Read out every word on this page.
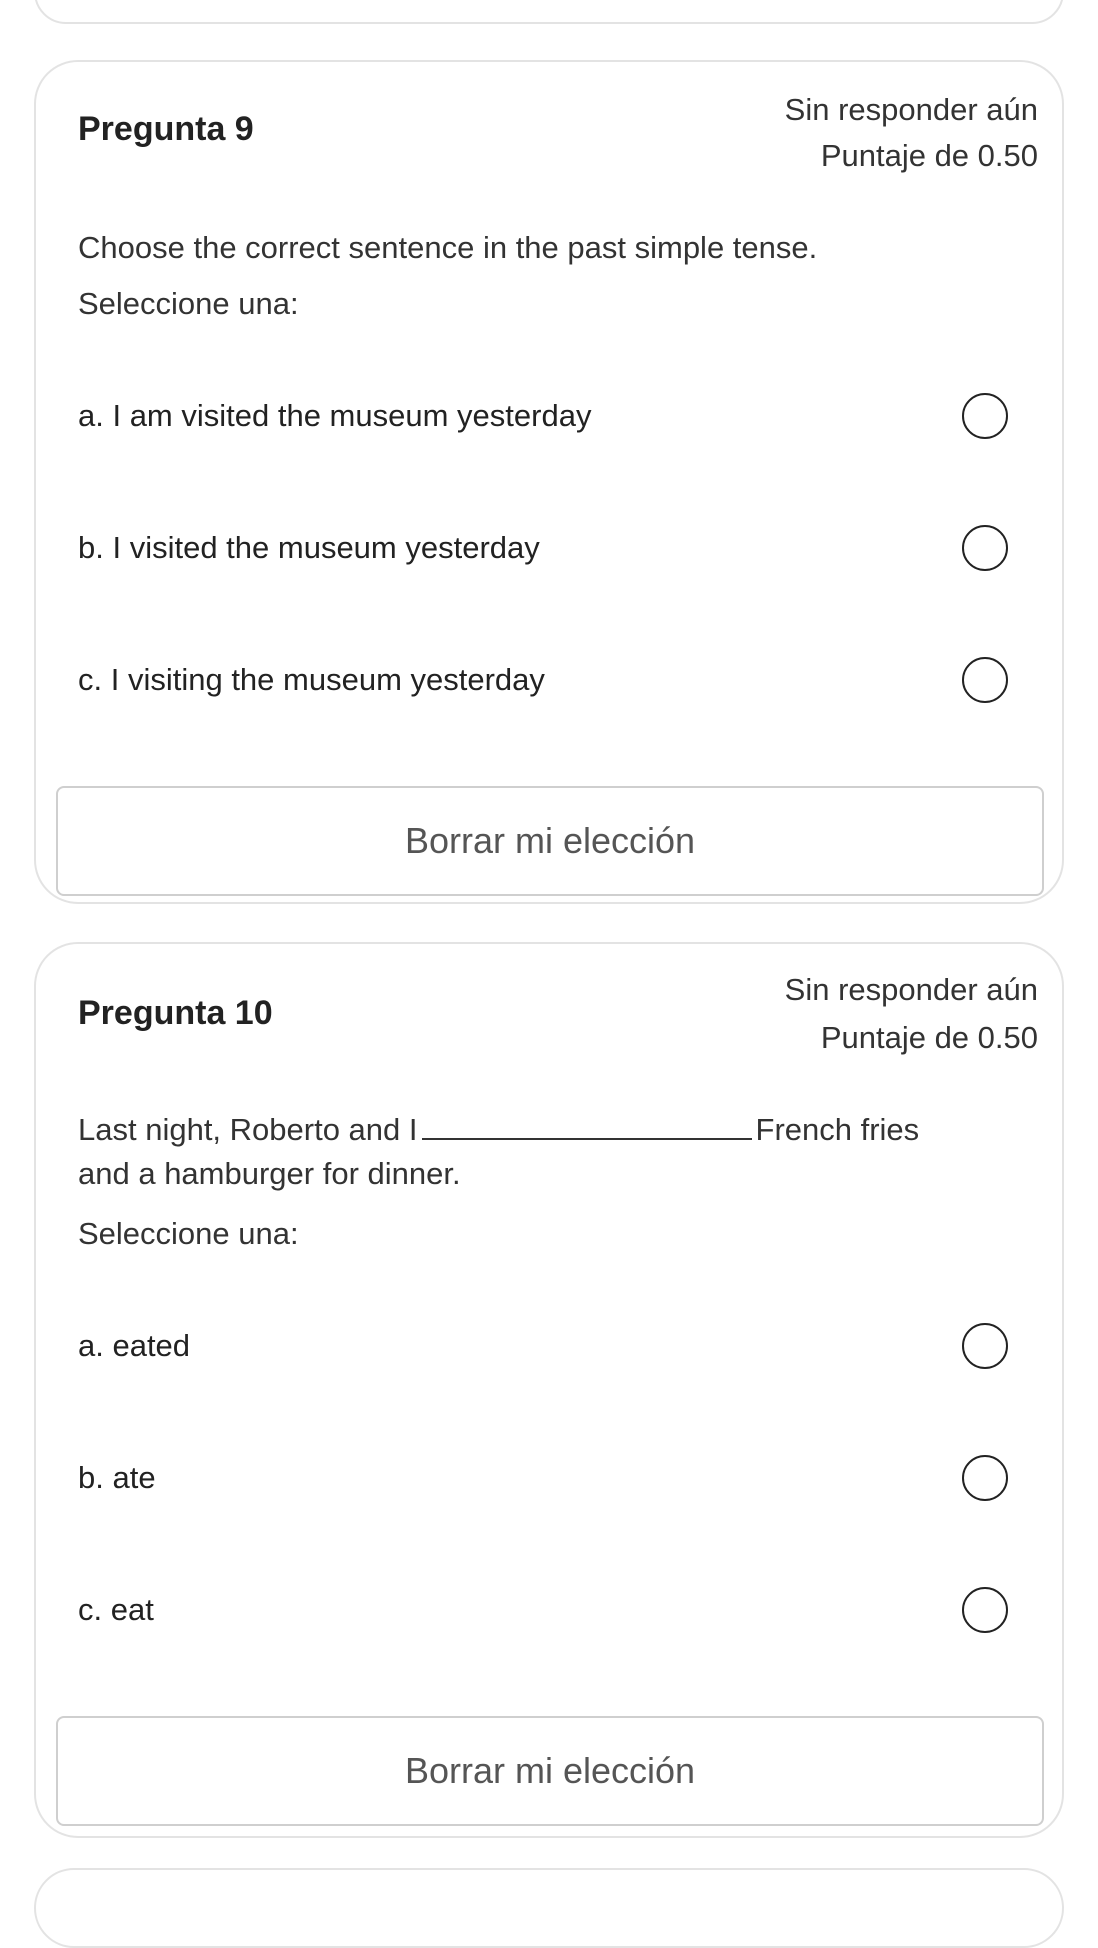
Pregunta 9
Sin responder aún
Puntaje de 0.50
Choose the correct sentence in the past simple tense.
Seleccione una:
a. I am visited the museum yesterday
b. I visited the museum yesterday
c. I visiting the museum yesterday
Borrar mi elección
Pregunta 10
Sin responder aún
Puntaje de 0.50
Last night, Roberto and I	French fries and a hamburger for dinner.
Seleccione una:
a. eated
b. ate
c. eat
Borrar mi elección
